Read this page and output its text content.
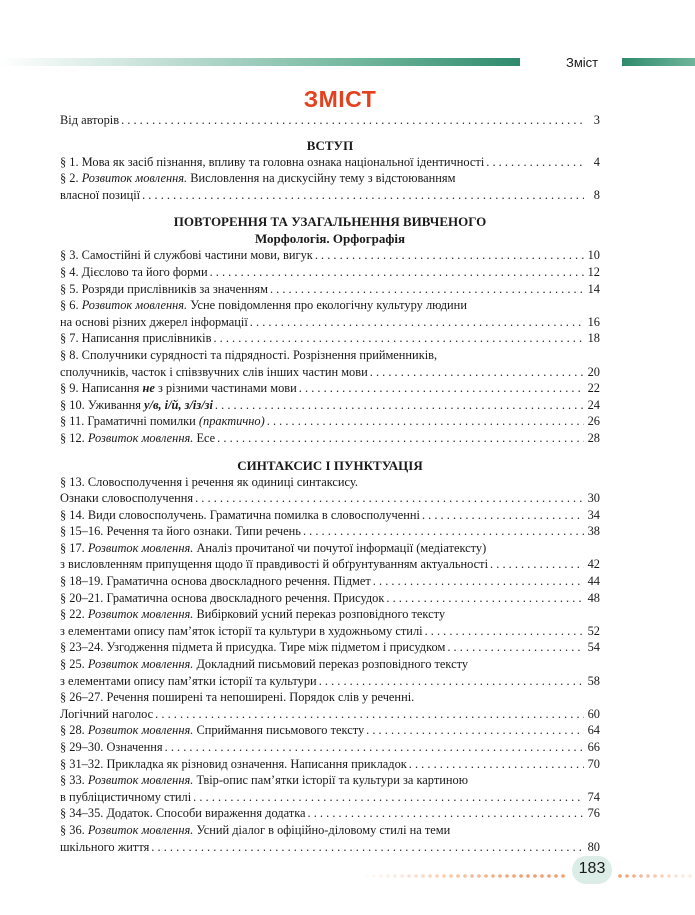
Зміст
ЗМІСТ
Від авторів . . .	3
ВСТУП
§ 1. Мова як засіб пізнання, впливу та головна ознака національної ідентичності . . .	4
§ 2. Розвиток мовлення. Висловлення на дискусійну тему з відстоюванням
власної позиції . . .	8
ПОВТОРЕННЯ ТА УЗАГАЛЬНЕННЯ ВИВЧЕНОГО
Морфологія. Орфографія
§ 3. Самостійні й службові частини мови, вигук . . .	10
§ 4. Дієслово та його форми . . .	12
§ 5. Розряди прислівників за значенням . . .	14
§ 6. Розвиток мовлення. Усне повідомлення про екологічну культуру людини
на основі різних джерел інформації . . .	16
§ 7. Написання прислівників . . .	18
§ 8. Сполучники сурядності та підрядності. Розрізнення прийменників,
сполучників, часток і співзвучних слів інших частин мови . . .	20
§ 9. Написання не з різними частинами мови . . .	22
§ 10. Уживання у/в, і/й, з/із/зі . . .	24
§ 11. Граматичні помилки (практично) . . .	26
§ 12. Розвиток мовлення. Есе . . .	28
СИНТАКСИС І ПУНКТУАЦІЯ
§ 13. Словосполучення і речення як одиниці синтаксису.
Ознаки словосполучення . . .	30
§ 14. Види словосполучень. Граматична помилка в словосполученні . . .	34
§ 15–16. Речення та його ознаки. Типи речень . . .	38
§ 17. Розвиток мовлення. Аналіз прочитаної чи почутої інформації (медіатексту)
з висловленням припущення щодо її правдивості й обґрунтуванням актуальності . . .	42
§ 18–19. Граматична основа двоскладного речення. Підмет . . .	44
§ 20–21. Граматична основа двоскладного речення. Присудок . . .	48
§ 22. Розвиток мовлення. Вибірковий усний переказ розповідного тексту
з елементами опису пам’яток історії та культури в художньому стилі . . .	52
§ 23–24. Узгодження підмета й присудка. Тире між підметом і присудком . . .	54
§ 25. Розвиток мовлення. Докладний письмовий переказ розповідного тексту
з елементами опису пам’ятки історії та культури . . .	58
§ 26–27. Речення поширені та непоширені. Порядок слів у реченні.
Логічний наголос . . .	60
§ 28. Розвиток мовлення. Сприймання письмового тексту . . .	64
§ 29–30. Означення . . .	66
§ 31–32. Прикладка як різновид означення. Написання прикладок . . .	70
§ 33. Розвиток мовлення. Твір-опис пам’ятки історії та культури за картиною
в публіцистичному стилі . . .	74
§ 34–35. Додаток. Способи вираження додатка . . .	76
§ 36. Розвиток мовлення. Усний діалог в офіційно-діловому стилі на теми
шкільного життя . . .	80
183
